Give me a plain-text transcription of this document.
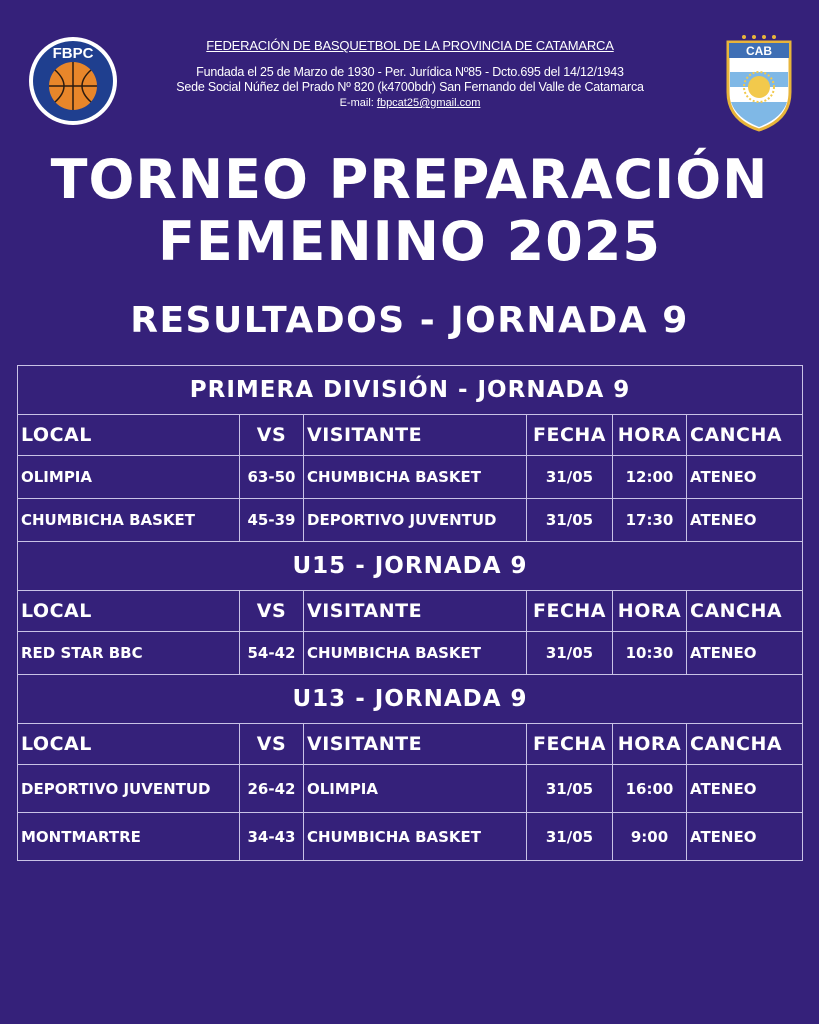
FBPC	FEDERACIÓN DE BASQUETBOL DE LA PROVINCIA DE CATAMARCA
Fundada el 25 de Marzo de 1930 - Per. Jurídica Nº85 - Dcto.695 del 14/12/1943
Sede Social Núñez del Prado Nº 820 (k4700bdr) San Fernando del Valle de Catamarca
E-mail: fbpcat25@gmail.com
CAB
TORNEO PREPARACIÓN
FEMENINO 2025
RESULTADOS - JORNADA 9
PRIMERA DIVISIÓN - JORNADA 9					
LOCAL	VS	VISITANTE	FECHA	HORA	CANCHA
OLIMPIA	63-50	CHUMBICHA BASKET	31/05	12:00	ATENEO
CHUMBICHA BASKET	45-39	DEPORTIVO JUVENTUD	31/05	17:30	ATENEO
U15 - JORNADA 9					
LOCAL	VS	VISITANTE	FECHA	HORA	CANCHA
RED STAR BBC	54-42	CHUMBICHA BASKET	31/05	10:30	ATENEO
U13 - JORNADA 9					
LOCAL	VS	VISITANTE	FECHA	HORA	CANCHA
DEPORTIVO JUVENTUD	26-42	OLIMPIA	31/05	16:00	ATENEO
MONTMARTRE	34-43	CHUMBICHA BASKET	31/05	9:00	ATENEO
